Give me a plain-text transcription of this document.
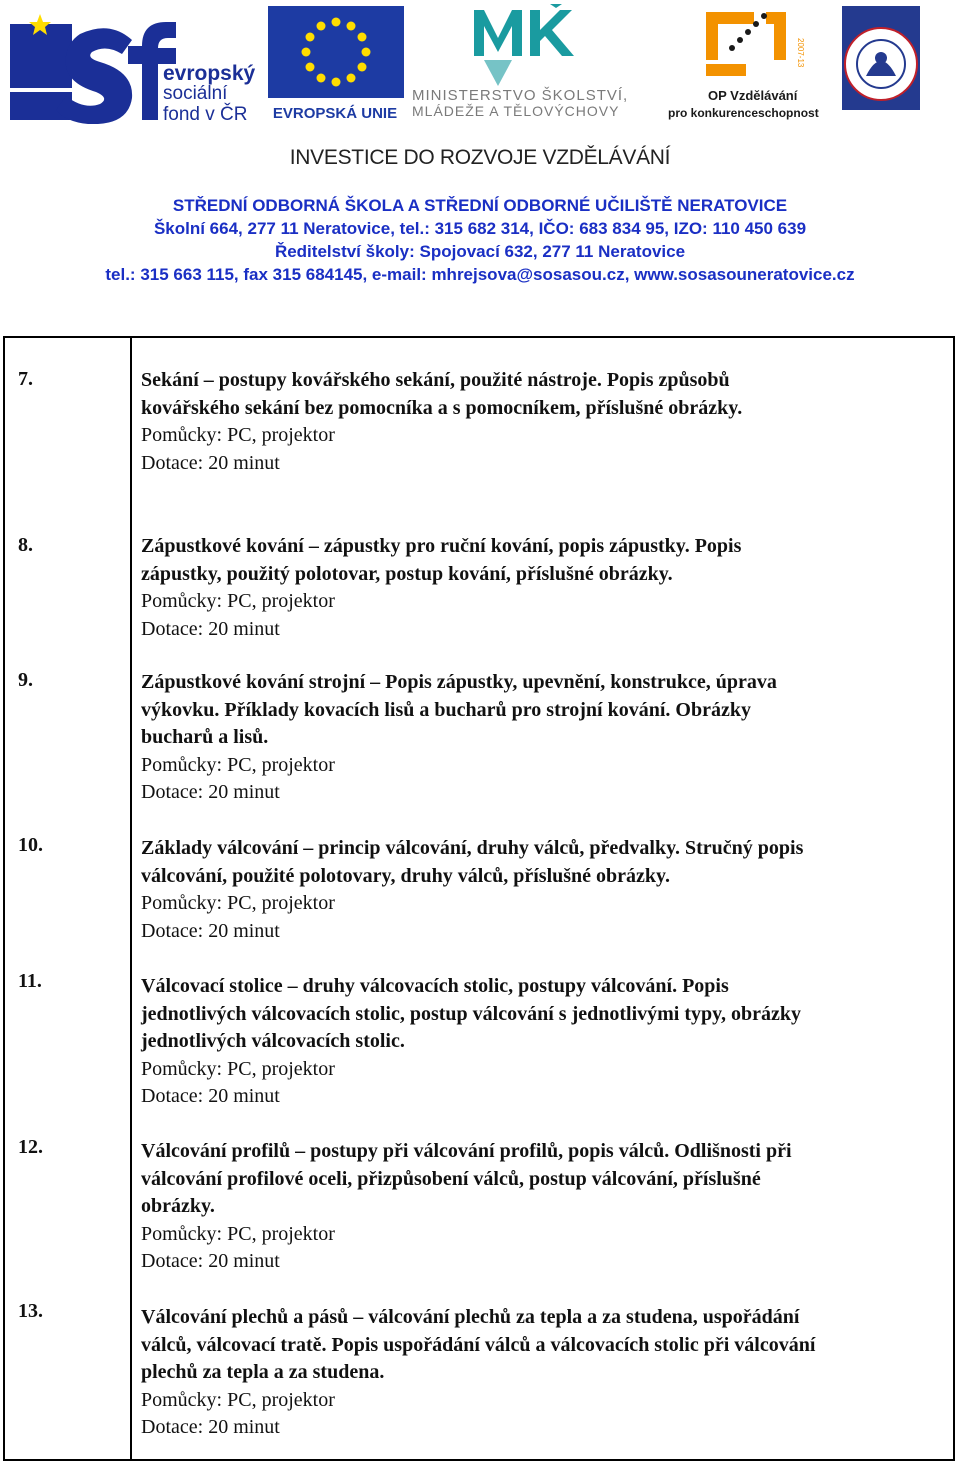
evropský
sociální
fond v ČR EVROPSKÁ UNIE
MINISTERSTVO ŠKOLSTVÍ,
MLÁDEŽE A TĚLOVÝCHOVY
2007-13
OP Vzdělávání
pro konkurenceschopnost
INVESTICE DO ROZVOJE VZDĚLÁVÁNÍ
STŘEDNÍ ODBORNÁ ŠKOLA A STŘEDNÍ ODBORNÉ UČILIŠTĚ NERATOVICE
Školní 664, 277 11 Neratovice, tel.: 315 682 314, IČO: 683 834 95, IZO: 110 450 639
Ředitelství školy: Spojovací 632, 277 11 Neratovice
tel.: 315 663 115, fax 315 684145, e-mail: mhrejsova@sosasou.cz, www.sosasouneratovice.cz
7.	Sekání – postupy kovářského sekání, použité nástroje. Popis způsobů
kovářského sekání bez pomocníka a s pomocníkem, příslušné obrázky.
Pomůcky: PC, projektor
Dotace: 20 minut
8.	Zápustkové kování – zápustky pro ruční kování, popis zápustky. Popis
zápustky, použitý polotovar, postup kování, příslušné obrázky.
Pomůcky: PC, projektor
Dotace: 20 minut
9.	Zápustkové kování strojní – Popis zápustky, upevnění, konstrukce, úprava
výkovku. Příklady kovacích lisů a bucharů pro strojní kování. Obrázky
bucharů a lisů.
Pomůcky: PC, projektor
Dotace: 20 minut
10.	Základy válcování – princip válcování, druhy válců, předvalky. Stručný popis
válcování, použité polotovary, druhy válců, příslušné obrázky.
Pomůcky: PC, projektor
Dotace: 20 minut
11.	Válcovací stolice – druhy válcovacích stolic, postupy válcování. Popis
jednotlivých válcovacích stolic, postup válcování s jednotlivými typy, obrázky
jednotlivých válcovacích stolic.
Pomůcky: PC, projektor
Dotace: 20 minut
12.	Válcování profilů – postupy při válcování profilů, popis válců. Odlišnosti při
válcování profilové oceli, přizpůsobení válců, postup válcování, příslušné
obrázky.
Pomůcky: PC, projektor
Dotace: 20 minut
13.	Válcování plechů a pásů – válcování plechů za tepla a za studena, uspořádání
válců, válcovací tratě. Popis uspořádání válců a válcovacích stolic při válcování
plechů za tepla a za studena.
Pomůcky: PC, projektor
Dotace: 20 minut
